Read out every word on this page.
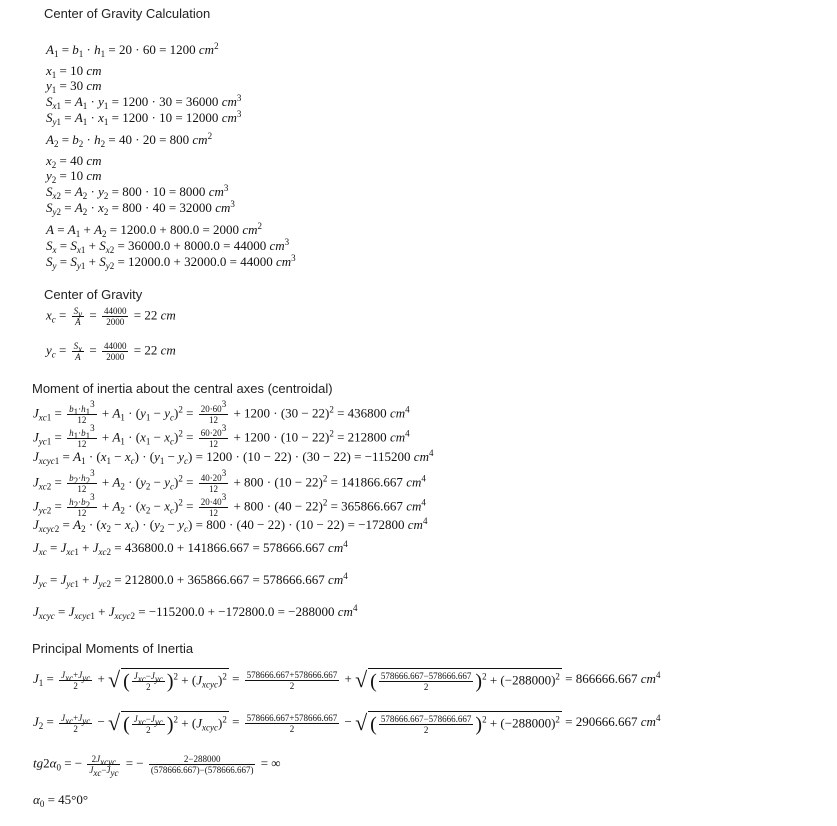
Center of Gravity Calculation
$A_1 = b_1 \cdot h_1 = 20 \cdot 60 = 1200$ $cm^2$
$x_1 = 10$ cm
$y_1 = 30$ cm
$S_{x1} = A_1 \cdot y_1 = 1200 \cdot 30 = 36000$ $cm^3$
$S_{y1} = A_1 \cdot x_1 = 1200 \cdot 10 = 12000$ $cm^3$
$A_2 = b_2 \cdot h_2 = 40 \cdot 20 = 800$ $cm^2$
$x_2 = 40$ cm
$y_2 = 10$ cm
$S_{x2} = A_2 \cdot y_2 = 800 \cdot 10 = 8000$ $cm^3$
$S_{y2} = A_2 \cdot x_2 = 800 \cdot 40 = 32000$ $cm^3$
$A = A_1 + A_2 = 1200.0 + 800.0 = 2000$ $cm^2$
$S_x = S_{x1} + S_{x2} = 36000.0 + 8000.0 = 44000$ $cm^3$
$S_y = S_{y1} + S_{y2} = 12000.0 + 32000.0 = 44000$ $cm^3$
Center of Gravity
$x_c = \frac{S_y}{A} = \frac{44000}{2000} = 22$ cm
$y_c = \frac{S_x}{A} = \frac{44000}{2000} = 22$ cm
Moment of inertia about the central axes (centroidal)
$J_{xc1} = \frac{b_1\cdot h_1^3}{12} + A_1 \cdot (y_1 - y_c)^2 = \frac{20\cdot 60^3}{12} + 1200 \cdot (30 - 22)^2 = 436800$ $cm^4$
$J_{yc1} = \frac{h_1\cdot b_1^3}{12} + A_1 \cdot (x_1 - x_c)^2 = \frac{60\cdot 20^3}{12} + 1200 \cdot (10 - 22)^2 = 212800$ $cm^4$
$J_{xcyc1} = A_1 \cdot (x_1 - x_c) \cdot (y_1 - y_c) = 1200 \cdot (10 - 22) \cdot (30 - 22) = -115200$ $cm^4$
$J_{xc2} = \frac{b_2\cdot h_2^3}{12} + A_2 \cdot (y_2 - y_c)^2 = \frac{40\cdot 20^3}{12} + 800 \cdot (10 - 22)^2 = 141866.667$ $cm^4$
$J_{yc2} = \frac{h_2\cdot b_2^3}{12} + A_2 \cdot (x_2 - x_c)^2 = \frac{20\cdot 40^3}{12} + 800 \cdot (40 - 22)^2 = 365866.667$ $cm^4$
$J_{xcyc2} = A_2 \cdot (x_2 - x_c) \cdot (y_2 - y_c) = 800 \cdot (40 - 22) \cdot (10 - 22) = -172800$ $cm^4$
$J_{xc} = J_{xc1} + J_{xc2} = 436800.0 + 141866.667 = 578666.667$ $cm^4$
$J_{yc} = J_{yc1} + J_{yc2} = 212800.0 + 365866.667 = 578666.667$ $cm^4$
$J_{xcyc} = J_{xcyc1} + J_{xcyc2} = -115200.0 + -172800.0 = -288000$ $cm^4$
Principal Moments of Inertia
$J_1 = \frac{J_{xc}+J_{yc}}{2}$ + √ ( $\frac{J_{xc}-J_{yc}}{2} )^2 + (J_{xcyc})^2 = \frac{578666.667+578666.667}{2}$ + √ ( $\frac{578666.667-578666.667}{2} )^2 + (-288000)^2 = 866666.667$ $cm^4$
$J_2 = \frac{J_{xc}+J_{yc}}{2}$ − √ ( $\frac{J_{xc}-J_{yc}}{2} )^2 + (J_{xcyc})^2 = \frac{578666.667+578666.667}{2}$ − √ ( $\frac{578666.667-578666.667}{2} )^2 + (-288000)^2 = 290666.667$ $cm^4$
$tg2\alpha_0$ = − $\frac{2J_{xcyc}}{J_{xc}-J_{yc}}$ = − $\frac{2-288000}{(578666.667)-(578666.667)}$ = ∞
$\alpha_0 = 45^\circ 0^\circ$
